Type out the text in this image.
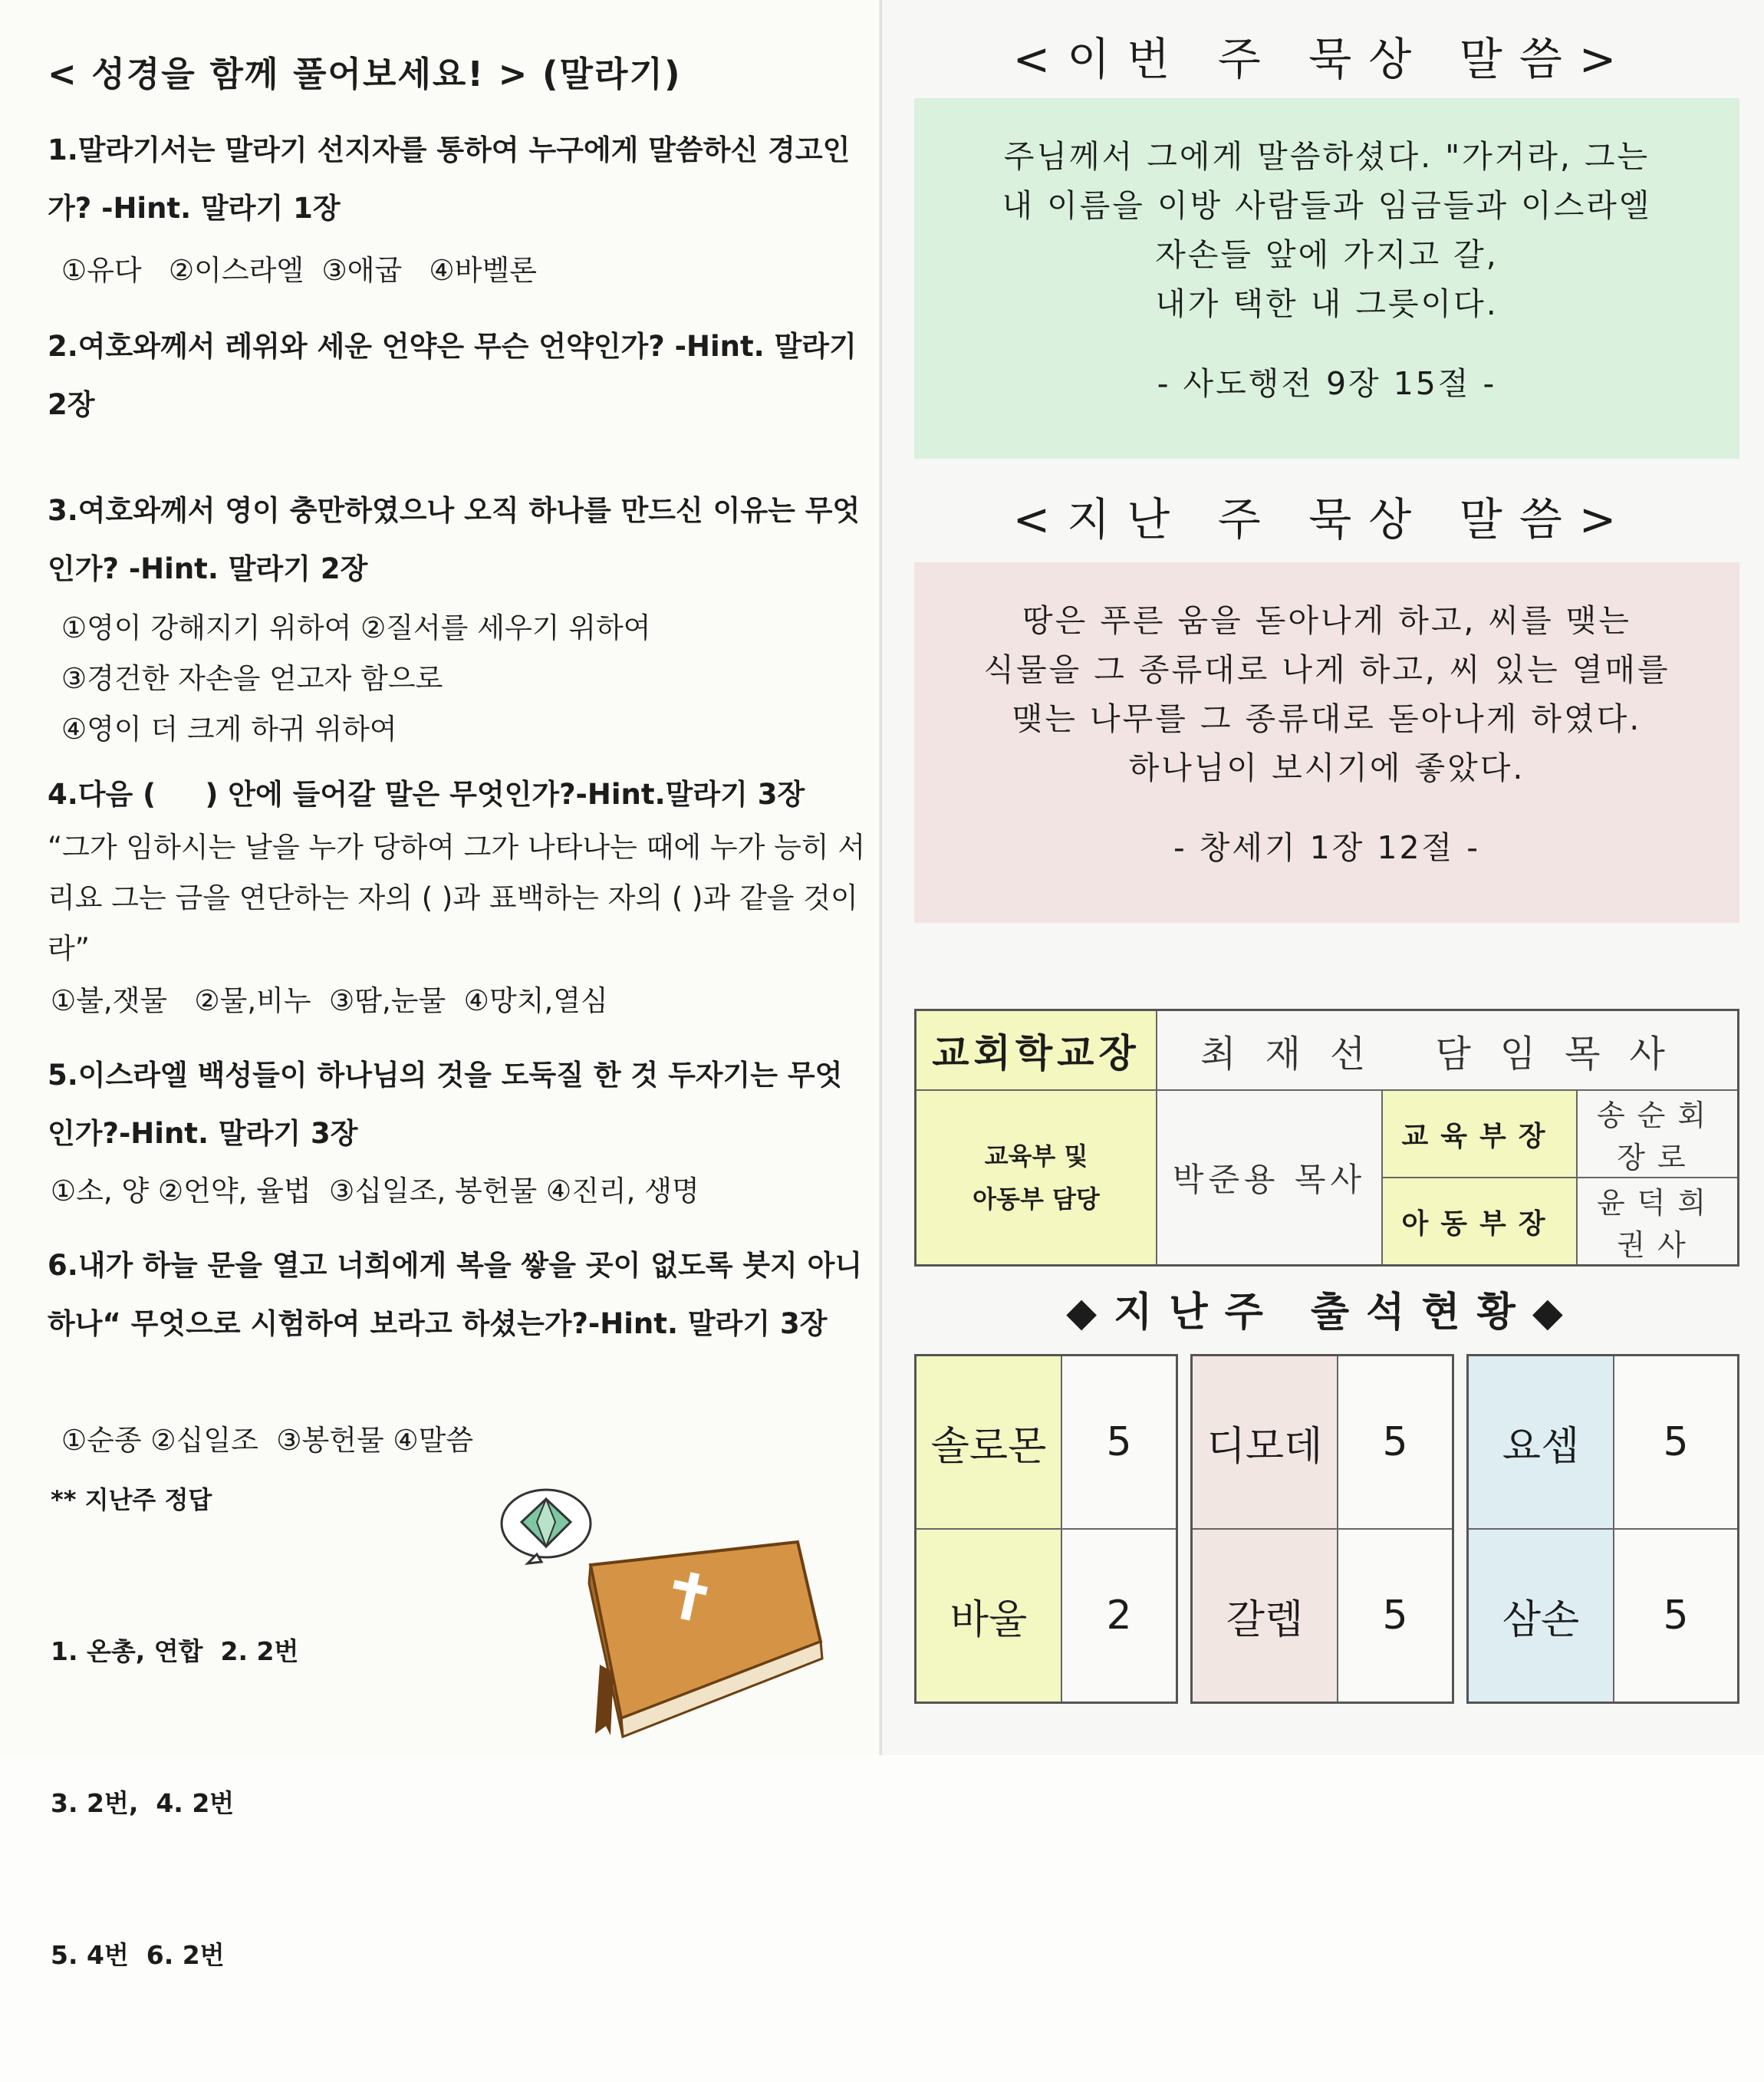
< 성경을 함께 풀어보세요! > (말라기)
1.말라기서는 말라기 선지자를 통하여 누구에게 말씀하신 경고인가? -Hint. 말라기 1장
①유다   ②이스라엘  ③애굽   ④바벨론
2.여호와께서 레위와 세운 언약은 무슨 언약인가? -Hint. 말라기 2장
3.여호와께서 영이 충만하였으나 오직 하나를 만드신 이유는 무엇인가? -Hint. 말라기 2장
①영이 강해지기 위하여 ②질서를 세우기 위하여
③경건한 자손을 얻고자 함으로
④영이 더 크게 하귀 위하여
4.다음 (     ) 안에 들어갈 말은 무엇인가?-Hint.말라기 3장
“그가 임하시는 날을 누가 당하여 그가 나타나는 때에 누가 능히 서리요 그는 금을 연단하는 자의 ( )과 표백하는 자의 ( )과 같을 것이라”
①불,잿물   ②물,비누  ③땀,눈물  ④망치,열심
5.이스라엘 백성들이 하나님의 것을 도둑질 한 것 두자기는 무엇인가?-Hint. 말라기 3장
①소, 양 ②언약, 율법  ③십일조, 봉헌물 ④진리, 생명
6.내가 하늘 문을 열고 너희에게 복을 쌓을 곳이 없도록 붓지 아니하나“ 무엇으로 시험하여 보라고 하셨는가?-Hint. 말라기 3장
①순종 ②십일조  ③봉헌물 ④말씀
** 지난주 정답

1. 온총, 연합  2. 2번

3. 2번,  4. 2번

5. 4번  6. 2번

<이번 주 묵상 말씀>
주님께서 그에게 말씀하셨다. "가거라, 그는
내 이름을 이방 사람들과 임금들과 이스라엘
자손들 앞에 가지고 갈,
내가 택한 내 그릇이다.
- 사도행전 9장 15절 -
<지난 주 묵상 말씀>
땅은 푸른 움을 돋아나게 하고, 씨를 맺는
식물을 그 종류대로 나게 하고, 씨 있는 열매를
맺는 나무를 그 종류대로 돋아나게 하였다.
하나님이 보시기에 좋았다.
- 창세기 1장 12절 -
교회학교장	최재선 담임목사		

교육부 및
아동부 담당	박준용 목사	교육부장	송순회장로
		아동부장	윤덕희권사
◆지난주 출석현황◆
솔로몬	5
바울	2
디모데	5
갈렙	5
요셉	5
삼손	5
